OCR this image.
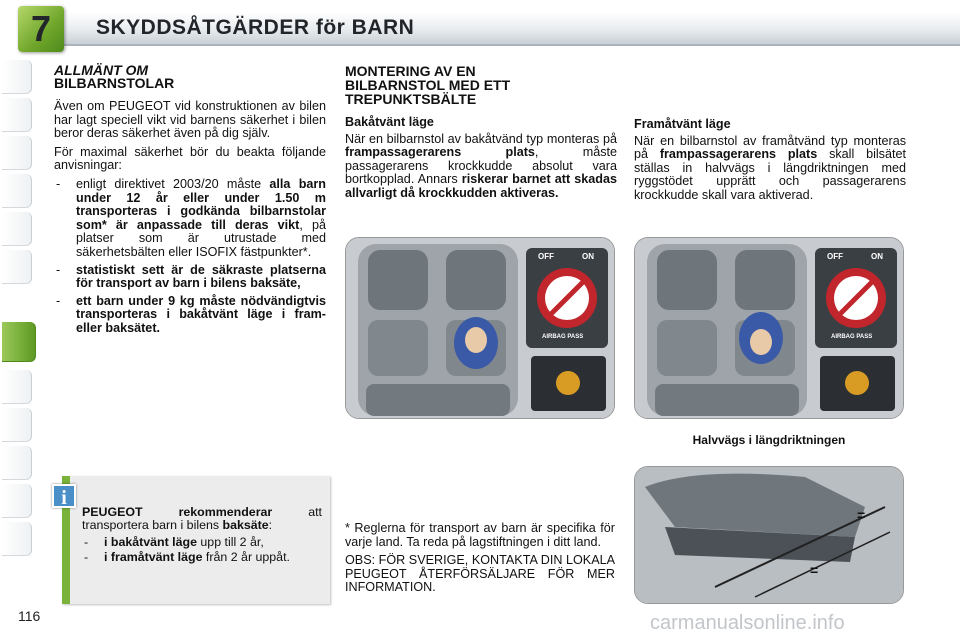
7	SKYDDSÅTGÄRDER för BARN
ALLMÄNT OM
BILBARNSTOLAR

Även om PEUGEOT vid konstruktionen av bilen har lagt speciell vikt vid barnens säkerhet i bilen beror deras säkerhet även på dig själv.

För maximal säkerhet bör du beakta följande anvisningar:

- enligt direktivet 2003/20 måste alla barn under 12 år eller under 1.50 m transporteras i godkända bilbarnstolar som* är anpassade till deras vikt, på platser som är utrustade med säkerhetsbälten eller ISOFIX fästpunkter*.
- statistiskt sett är de säkraste platserna för transport av barn i bilens baksäte,
- ett barn under 9 kg måste nödvändigtvis transporteras i bakåtvänt läge i fram- eller baksätet.
i

PEUGEOT rekommenderar att transportera barn i bilens baksäte:

- i bakåtvänt läge upp till 2 år,
- i framåtvänt läge från 2 år uppåt.
116
MONTERING AV EN
BILBARNSTOL MED ETT
TREPUNKTSBÄLTE

Bakåtvänt läge

När en bilbarnstol av bakåtvänd typ monteras på frampassagerarens plats, måste passagerarens krockkudde absolut vara bortkopplad. Annars riskerar barnet att skadas allvarligt då krockkudden aktiveras.

Framåtvänt läge

När en bilbarnstol av framåtvänd typ monteras på frampassagerarens plats skall bilsätet ställas in halvvägs i längdriktningen med ryggstödet upprätt och passagerarens krockkudde skall vara aktiverad.

OFF	ON
AIRBAG PASS
OFF	ON
AIRBAG PASS
Halvvägs i längdriktningen
=
=

* Reglerna för transport av barn är specifika för varje land. Ta reda på lagstiftningen i ditt land.

OBS: FÖR SVERIGE, KONTAKTA DIN LOKALA PEUGEOT ÅTERFÖRSÄLJARE FÖR MER INFORMATION.

carmanualsonline.info
